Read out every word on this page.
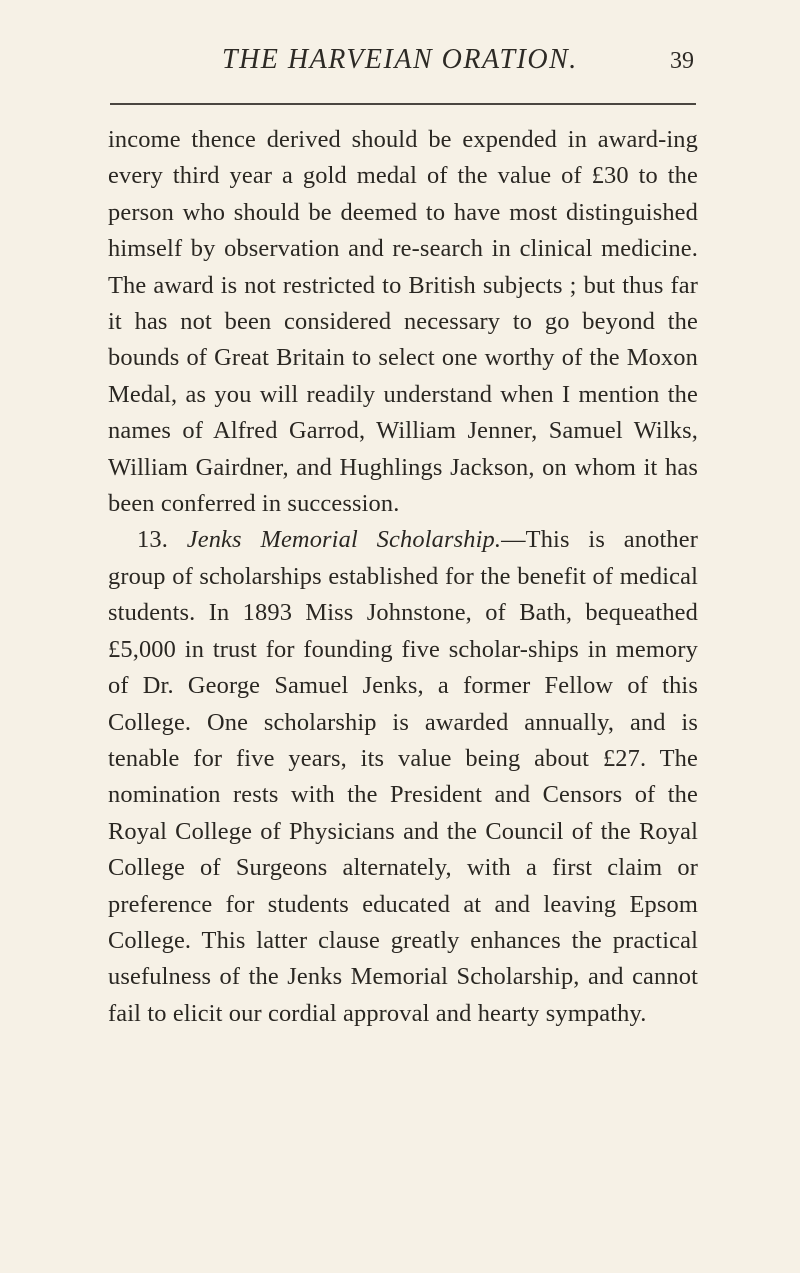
THE HARVEIAN ORATION.	39

income thence derived should be expended in award-ing every third year a gold medal of the value of £30 to the person who should be deemed to have most distinguished himself by observation and re-search in clinical medicine. The award is not restricted to British subjects ; but thus far it has not been considered necessary to go beyond the bounds of Great Britain to select one worthy of the Moxon Medal, as you will readily understand when I mention the names of Alfred Garrod, William Jenner, Samuel Wilks, William Gairdner, and Hughlings Jackson, on whom it has been conferred in succession.

13. Jenks Memorial Scholarship.—This is another group of scholarships established for the benefit of medical students. In 1893 Miss Johnstone, of Bath, bequeathed £5,000 in trust for founding five scholar-ships in memory of Dr. George Samuel Jenks, a former Fellow of this College. One scholarship is awarded annually, and is tenable for five years, its value being about £27. The nomination rests with the President and Censors of the Royal College of Physicians and the Council of the Royal College of Surgeons alternately, with a first claim or preference for students educated at and leaving Epsom College. This latter clause greatly enhances the practical usefulness of the Jenks Memorial Scholarship, and cannot fail to elicit our cordial approval and hearty sympathy.
